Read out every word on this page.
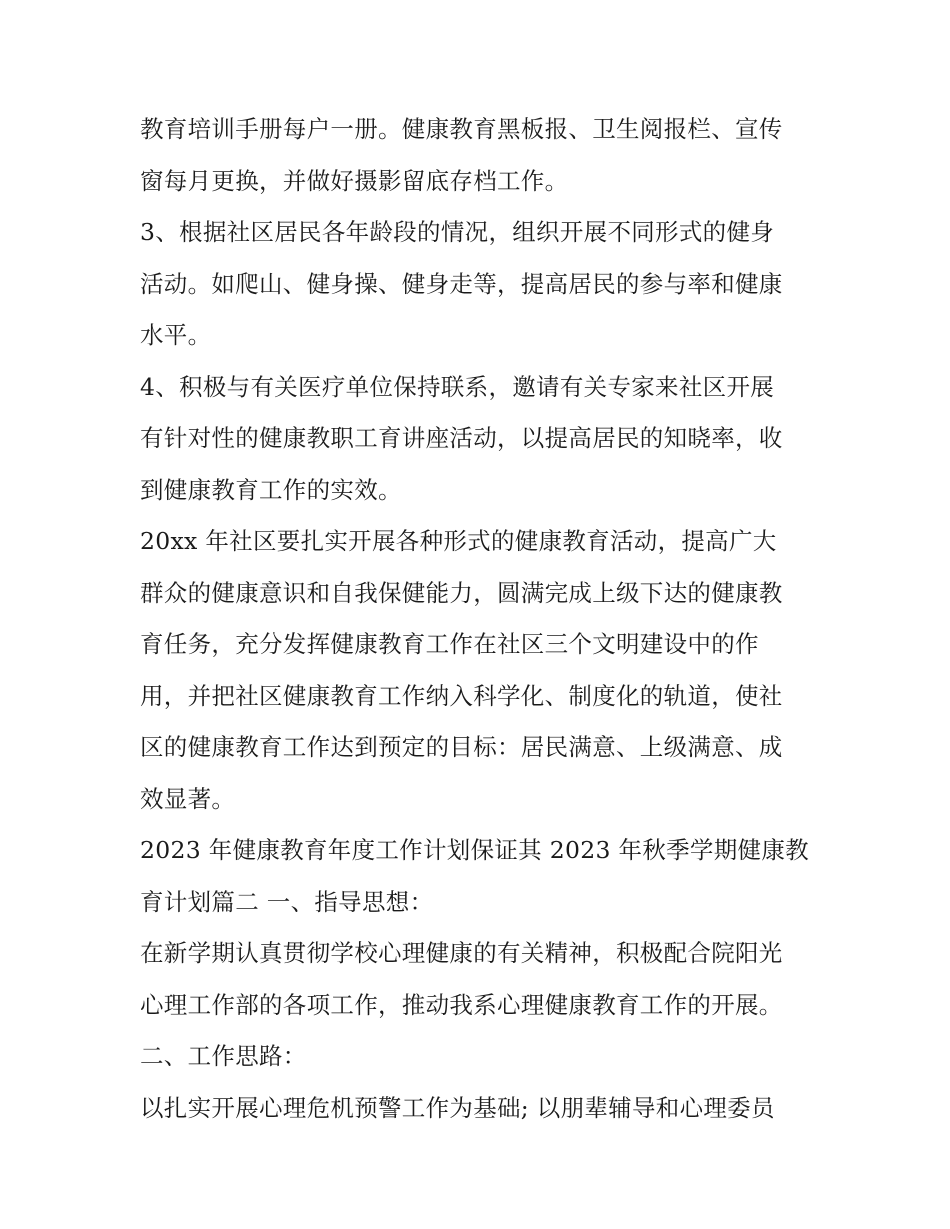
教育培训手册每户一册。健康教育黑板报、卫生阅报栏、宣传
窗每月更换，并做好摄影留底存档工作。
3、根据社区居民各年龄段的情况，组织开展不同形式的健身
活动。如爬山、健身操、健身走等，提高居民的参与率和健康
水平。
4、积极与有关医疗单位保持联系，邀请有关专家来社区开展
有针对性的健康教职工育讲座活动，以提高居民的知晓率，收
到健康教育工作的实效。
20xx 年社区要扎实开展各种形式的健康教育活动，提高广大
群众的健康意识和自我保健能力，圆满完成上级下达的健康教
育任务，充分发挥健康教育工作在社区三个文明建设中的作
用，并把社区健康教育工作纳入科学化、制度化的轨道，使社
区的健康教育工作达到预定的目标：居民满意、上级满意、成
效显著。
2023 年健康教育年度工作计划保证其 2023 年秋季学期健康教
育计划篇二 一、指导思想：
在新学期认真贯彻学校心理健康的有关精神，积极配合院阳光
心理工作部的各项工作，推动我系心理健康教育工作的开展。
二、工作思路：
以扎实开展心理危机预警工作为基础; 以朋辈辅导和心理委员
